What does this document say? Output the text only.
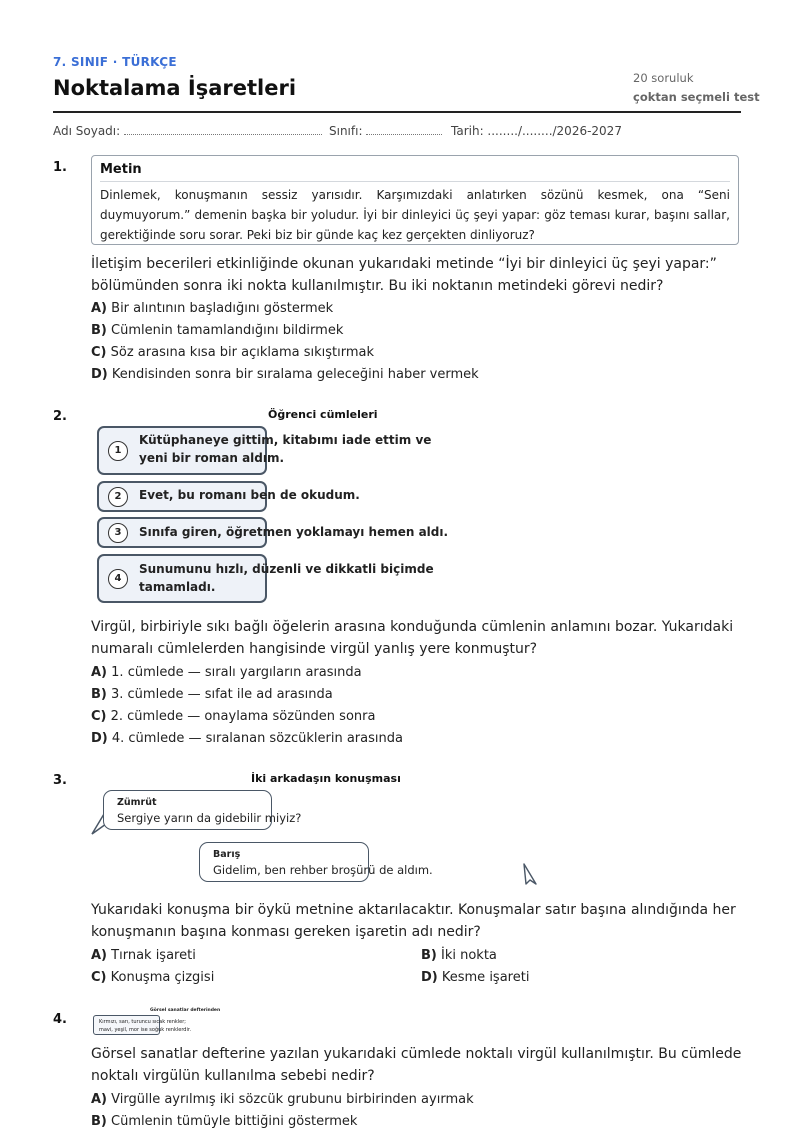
7. SINIF · TÜRKÇE
Noktalama İşaretleri	20 soruluk
çoktan seçmeli test
Adı Soyadı:	Sınıfı:	Tarih: ......../......../2026-2027
1.	Metin
Dinlemek, konuşmanın sessiz yarısıdır. Karşımızdaki anlatırken sözünü kesmek, ona “Seni duymuyorum.” demenin başka bir yoludur. İyi bir dinleyici üç şeyi yapar: göz teması kurar, başını sallar, gerektiğinde soru sorar. Peki biz bir günde kaç kez gerçekten dinliyoruz?
İletişim becerileri etkinliğinde okunan yukarıdaki metinde “İyi bir dinleyici üç şeyi yapar:” bölümünden sonra iki nokta kullanılmıştır. Bu iki noktanın metindeki görevi nedir?
A) Bir alıntının başladığını göstermek
B) Cümlenin tamamlandığını bildirmek
C) Söz arasına kısa bir açıklama sıkıştırmak
D) Kendisinden sonra bir sıralama geleceğini haber vermek
2.	Öğrenci cümleleri
1
Kütüphaneye gittim, kitabımı iade ettim ve
yeni bir roman aldım.
2	Evet, bu romanı ben de okudum.
3	Sınıfa giren, öğretmen yoklamayı hemen aldı.
4
Sunumunu hızlı, düzenli ve dikkatli biçimde
tamamladı.
Virgül, birbiriyle sıkı bağlı öğelerin arasına konduğunda cümlenin anlamını bozar. Yukarıdaki numaralı cümlelerden hangisinde virgül yanlış yere konmuştur?
A) 1. cümlede — sıralı yargıların arasında
B) 3. cümlede — sıfat ile ad arasında
C) 2. cümlede — onaylama sözünden sonra
D) 4. cümlede — sıralanan sözcüklerin arasında
3.	İki arkadaşın konuşması
Zümrüt
Sergiye yarın da gidebilir miyiz?
Barış
Gidelim, ben rehber broşürü de aldım.
Yukarıdaki konuşma bir öykü metnine aktarılacaktır. Konuşmalar satır başına alındığında her konuşmanın başına konması gereken işaretin adı nedir?
A) Tırnak işareti	B) İki nokta
C) Konuşma çizgisi	D) Kesme işareti
4.
Görsel sanatlar defterinden
Kırmızı, sarı, turuncu sıcak renkler;
mavi, yeşil, mor ise soğuk renklerdir.
Görsel sanatlar defterine yazılan yukarıdaki cümlede noktalı virgül kullanılmıştır. Bu cümlede noktalı virgülün kullanılma sebebi nedir?
A) Virgülle ayrılmış iki sözcük grubunu birbirinden ayırmak
B) Cümlenin tümüyle bittiğini göstermek
